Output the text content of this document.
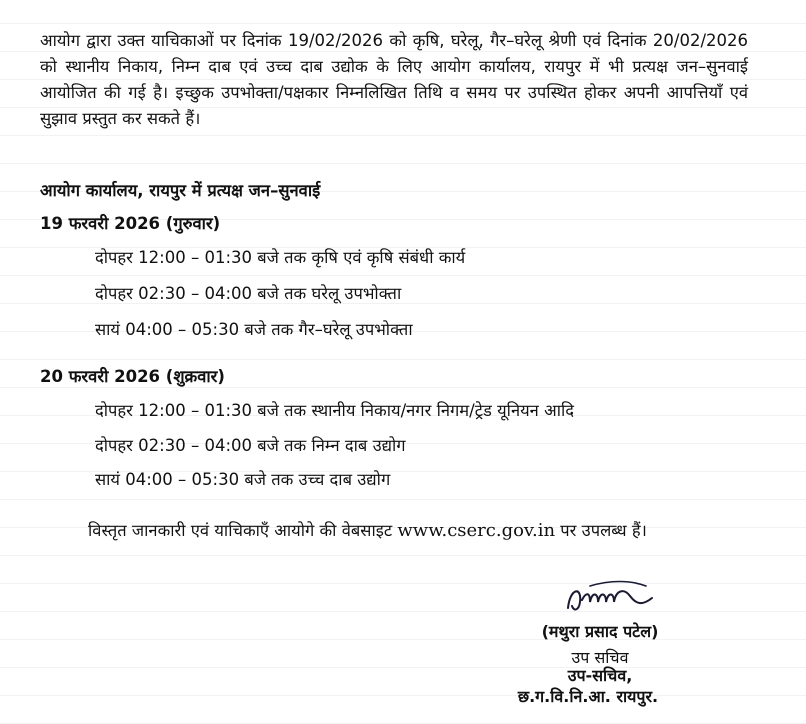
आयोग द्वारा उक्त याचिकाओं पर दिनांक 19/02/2026 को कृषि, घरेलू, गैर–घरेलू श्रेणी एवं दिनांक 20/02/2026 को स्थानीय निकाय, निम्न दाब एवं उच्च दाब उद्योक के लिए आयोग कार्यालय, रायपुर में भी प्रत्यक्ष जन–सुनवाई आयोजित की गई है। इच्छुक उपभोक्ता/पक्षकार निम्नलिखित तिथि व समय पर उपस्थित होकर अपनी आपत्तियाँ एवं सुझाव प्रस्तुत कर सकते हैं।
आयोग कार्यालय, रायपुर में प्रत्यक्ष जन–सुनवाई
19 फरवरी 2026 (गुरुवार)
दोपहर 12:00 – 01:30 बजे तक कृषि एवं कृषि संबंधी कार्य
दोपहर 02:30 – 04:00 बजे तक घरेलू उपभोक्ता
सायं 04:00 – 05:30 बजे तक गैर–घरेलू उपभोक्ता
20 फरवरी 2026 (शुक्रवार)
दोपहर 12:00 – 01:30 बजे तक स्थानीय निकाय/नगर निगम/ट्रेड यूनियन आदि
दोपहर 02:30 – 04:00 बजे तक निम्न दाब उद्योग
सायं 04:00 – 05:30 बजे तक उच्च दाब उद्योग
विस्तृत जानकारी एवं याचिकाएँ आयोगे की वेबसाइट www.cserc.gov.in पर उपलब्ध हैं।
(मथुरा प्रसाद पटेल)
उप सचिव
उप-सचिव,
छ.ग.वि.नि.आ. रायपुर.
